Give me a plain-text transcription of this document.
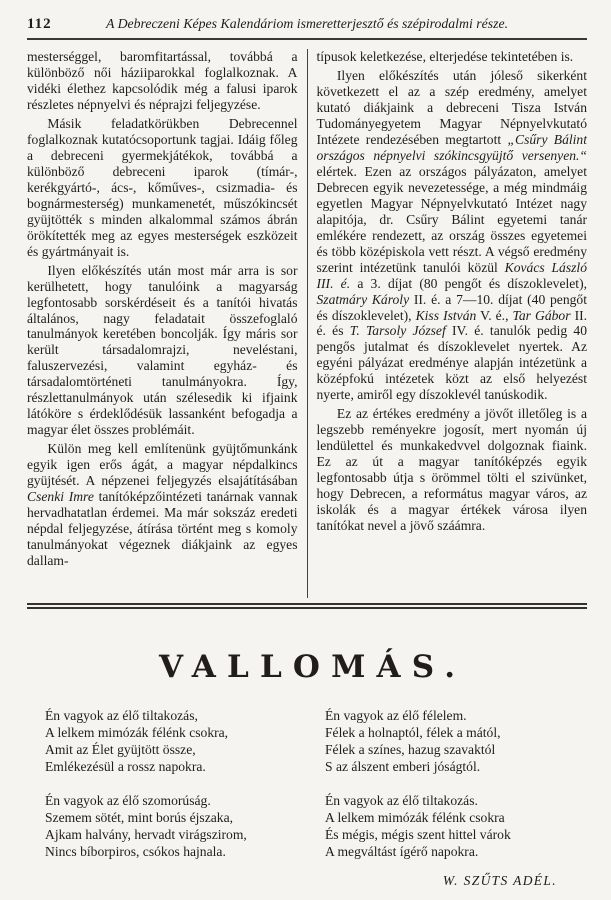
112	A Debreczeni Képes Kalendáriom ismeretterjesztő és szépirodalmi része.

mesterséggel, baromfitartással, továbbá a különböző női háziiparokkal foglalkoznak. A vidéki élethez kapcsolódik még a falusi iparok részletes népnyelvi és néprajzi feljegyzése.

Másik feladatkörükben Debrecennel foglalkoznak kutatócsoportunk tagjai. Idáig főleg a debreceni gyermekjátékok, továbbá a különböző debreceni iparok (tímár-, kerékgyártó-, ács-, kőműves-, csizmadia- és bognármesterség) munkamenetét, műszókincsét gyüjtötték s minden alkalommal számos ábrán örökítették meg az egyes mesterségek eszközeit és gyártmányait is.

Ilyen előkészítés után most már arra is sor kerülhetett, hogy tanulóink a magyarság legfontosabb sorskérdéseit és a tanítói hivatás általános, nagy feladatait összefoglaló tanulmányok keretében boncolják. Így máris sor került társadalomrajzi, neveléstani, faluszervezési, valamint egyház- és társadalomtörténeti tanulmányokra. Így, részlettanulmányok után szélesedik ki ifjaink látóköre s érdeklődésük lassanként befogadja a magyar élet összes problémáit.

Külön meg kell említenünk gyüjtőmunkánk egyik igen erős ágát, a magyar népdalkincs gyüjtését. A népzenei feljegyzés elsajátításában Csenki Imre tanítóképzőintézeti tanárnak vannak hervadhatatlan érdemei. Ma már sokszáz eredeti népdal feljegyzése, átírása történt meg s komoly tanulmányokat végeznek diákjaink az egyes dallam-

típusok keletkezése, elterjedése tekintetében is.

Ilyen előkészítés után jóleső sikerként következett el az a szép eredmény, amelyet kutató diákjaink a debreceni Tisza István Tudományegyetem Magyar Népnyelvkutató Intézete rendezésében megtartott „Csűry Bálint országos népnyelvi szókincsgyüjtő versenyen.“ elértek. Ezen az országos pályázaton, amelyet Debrecen egyik nevezetessége, a még mindmáig egyetlen Magyar Népnyelvkutató Intézet nagy alapitója, dr. Csűry Bálint egyetemi tanár emlékére rendezett, az ország összes egyetemei és több középiskola vett részt. A végső eredmény szerint intézetünk tanulói közül Kovács László III. é. a 3. díjat (80 pengőt és díszoklevelet), Szatmáry Károly II. é. a 7—10. díjat (40 pengőt és díszoklevelet), Kiss István V. é., Tar Gábor II. é. és T. Tarsoly József IV. é. tanulók pedig 40 pengős jutalmat és díszoklevelet nyertek. Az egyéni pályázat eredménye alapján intézetünk a középfokú intézetek közt az első helyezést nyerte, amiről egy díszoklevél tanúskodik.

Ez az értékes eredmény a jövőt illetőleg is a legszebb reményekre jogosít, mert nyomán új lendülettel és munkakedvvel dolgoznak fiaink. Ez az út a magyar tanítóképzés egyik legfontosabb útja s örömmel tölti el szivünket, hogy Debrecen, a református magyar város, az iskolák és a magyar értékek városa ilyen tanítókat nevel a jövő száámra.

VALLOMÁS.
Én vagyok az élő tiltakozás,
A lelkem mimózák félénk csokra,
Amit az Élet gyüjtött össze,
Emlékezésül a rossz napokra.
Én vagyok az élő szomorúság.
Szemem sötét, mint borús éjszaka,
Ajkam halvány, hervadt virágszirom,
Nincs bíborpiros, csókos hajnala.
Én vagyok az élő félelem.
Félek a holnaptól, félek a mától,
Félek a színes, hazug szavaktól
S az álszent emberi jóságtól.
Én vagyok az élő tiltakozás.
A lelkem mimózák félénk csokra
És mégis, mégis szent hittel várok
A megváltást ígérő napokra.
W. SZŰTS ADÉL.
